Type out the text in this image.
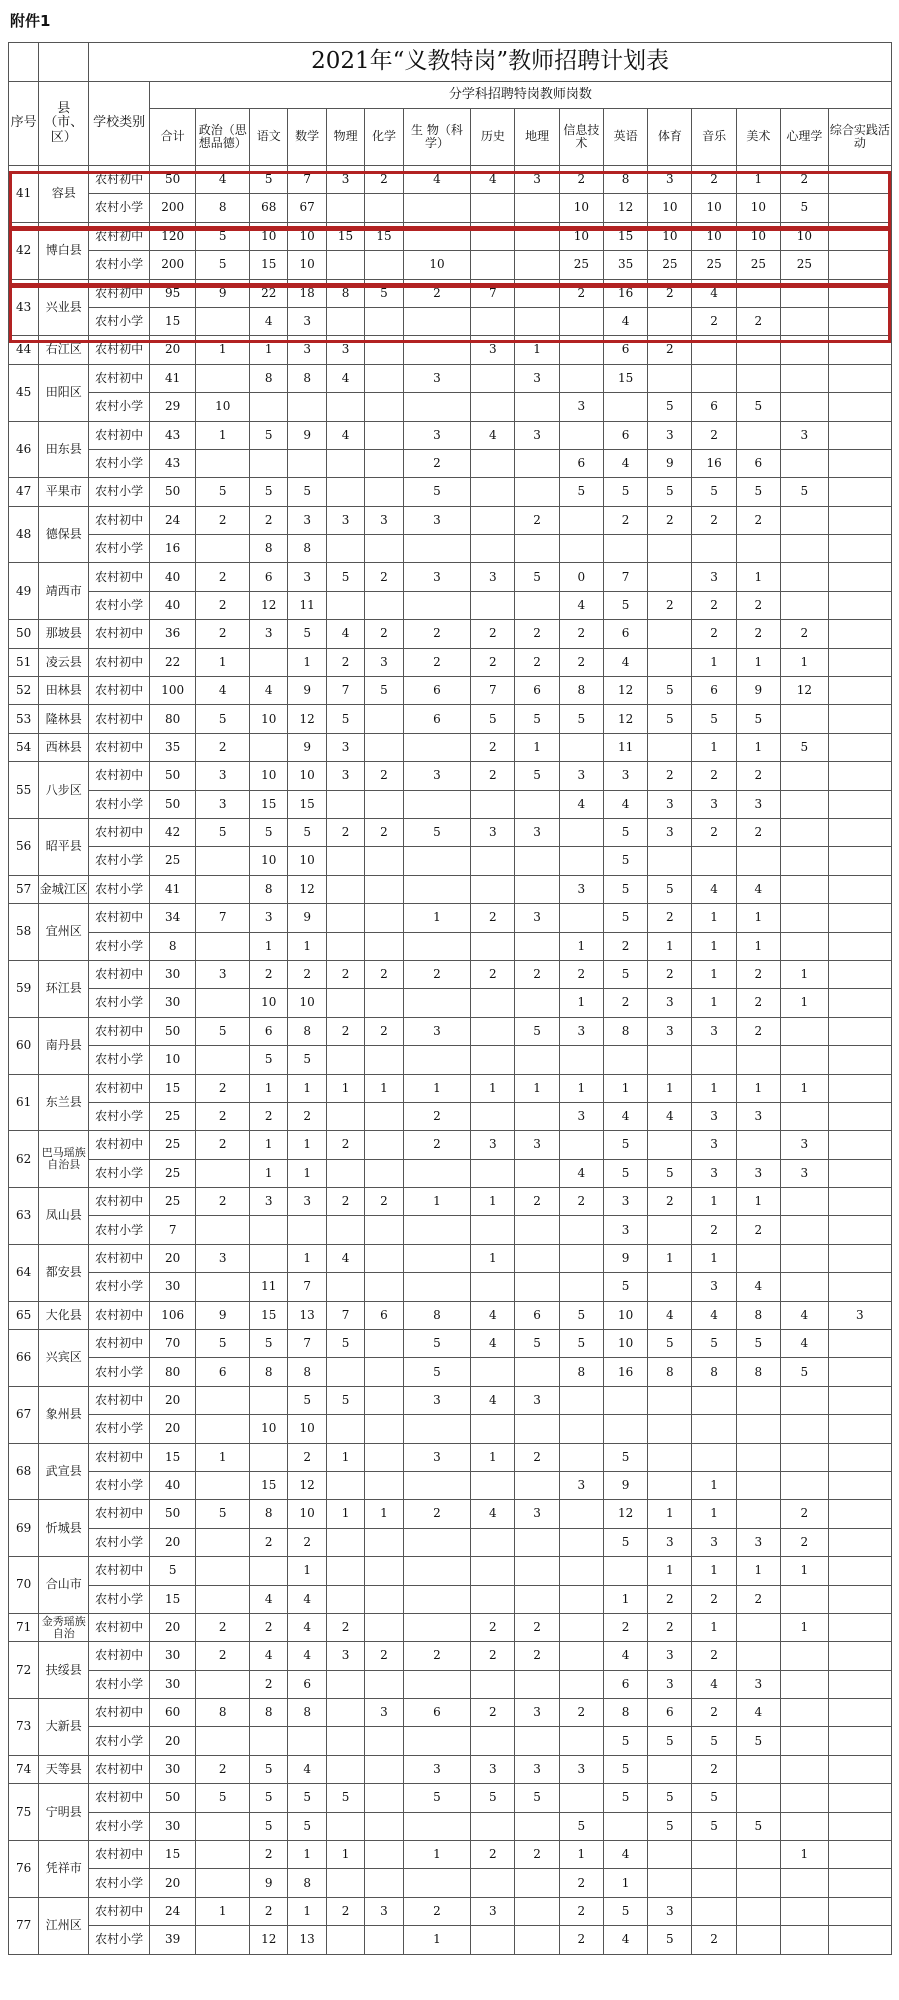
附件1
		2021年“义教特岗”教师招聘计划表																
序号	县（市、区）	学校类别	分学科招聘特岗教师岗数															
			合计	政治（思想品德）	语文	数学	物理	化学	生 物（科学）	历史	地理	信息技术	英语	体育	音乐	美术	心理学	综合实践活动
41	容县	农村初中	50	4	5	7	3	2	4	4	3	2	8	3	2	1	2	
		农村小学	200	8	68	67						10	12	10	10	10	5	
42	博白县	农村初中	120	5	10	10	15	15				10	15	10	10	10	10	
		农村小学	200	5	15	10			10			25	35	25	25	25	25	
43	兴业县	农村初中	95	9	22	18	8	5	2	7		2	16	2	4			
		农村小学	15		4	3							4		2	2		
44	右江区	农村初中	20	1	1	3	3			3	1		6	2				
45	田阳区	农村初中	41		8	8	4		3		3		15					
		农村小学	29	10								3		5	6	5		
46	田东县	农村初中	43	1	5	9	4		3	4	3		6	3	2		3	
		农村小学	43						2			6	4	9	16	6		
47	平果市	农村小学	50	5	5	5			5			5	5	5	5	5	5	
48	德保县	农村初中	24	2	2	3	3	3	3		2		2	2	2	2		
		农村小学	16		8	8												
49	靖西市	农村初中	40	2	6	3	5	2	3	3	5	0	7		3	1		
		农村小学	40	2	12	11						4	5	2	2	2		
50	那坡县	农村初中	36	2	3	5	4	2	2	2	2	2	6		2	2	2	
51	凌云县	农村初中	22	1		1	2	3	2	2	2	2	4		1	1	1	
52	田林县	农村初中	100	4	4	9	7	5	6	7	6	8	12	5	6	9	12	
53	隆林县	农村初中	80	5	10	12	5		6	5	5	5	12	5	5	5		
54	西林县	农村初中	35	2		9	3			2	1		11		1	1	5	
55	八步区	农村初中	50	3	10	10	3	2	3	2	5	3	3	2	2	2		
		农村小学	50	3	15	15						4	4	3	3	3		
56	昭平县	农村初中	42	5	5	5	2	2	5	3	3		5	3	2	2		
		农村小学	25		10	10							5					
57	金城江区	农村小学	41		8	12						3	5	5	4	4		
58	宜州区	农村初中	34	7	3	9			1	2	3		5	2	1	1		
		农村小学	8		1	1						1	2	1	1	1		
59	环江县	农村初中	30	3	2	2	2	2	2	2	2	2	5	2	1	2	1	
		农村小学	30		10	10						1	2	3	1	2	1	
60	南丹县	农村初中	50	5	6	8	2	2	3		5	3	8	3	3	2		
		农村小学	10		5	5												
61	东兰县	农村初中	15	2	1	1	1	1	1	1	1	1	1	1	1	1	1	
		农村小学	25	2	2	2			2			3	4	4	3	3		
62	巴马瑶族自治县	农村初中	25	2	1	1	2		2	3	3		5		3		3	
		农村小学	25		1	1						4	5	5	3	3	3	
63	凤山县	农村初中	25	2	3	3	2	2	1	1	2	2	3	2	1	1		
		农村小学	7										3		2	2		
64	都安县	农村初中	20	3		1	4			1			9	1	1			
		农村小学	30		11	7							5		3	4		
65	大化县	农村初中	106	9	15	13	7	6	8	4	6	5	10	4	4	8	4	3
66	兴宾区	农村初中	70	5	5	7	5		5	4	5	5	10	5	5	5	4	
		农村小学	80	6	8	8			5			8	16	8	8	8	5	
67	象州县	农村初中	20			5	5		3	4	3							
		农村小学	20		10	10												
68	武宣县	农村初中	15	1		2	1		3	1	2		5					
		农村小学	40		15	12						3	9		1			
69	忻城县	农村初中	50	5	8	10	1	1	2	4	3		12	1	1		2	
		农村小学	20		2	2							5	3	3	3	2	
70	合山市	农村初中	5			1								1	1	1	1	
		农村小学	15		4	4							1	2	2	2		
71	金秀瑶族自治	农村初中	20	2	2	4	2			2	2		2	2	1		1	
72	扶绥县	农村初中	30	2	4	4	3	2	2	2	2		4	3	2			
		农村小学	30		2	6							6	3	4	3		
73	大新县	农村初中	60	8	8	8		3	6	2	3	2	8	6	2	4		
		农村小学	20										5	5	5	5		
74	天等县	农村初中	30	2	5	4			3	3	3	3	5		2			
75	宁明县	农村初中	50	5	5	5	5		5	5	5		5	5	5			
		农村小学	30		5	5						5		5	5	5		
76	凭祥市	农村初中	15		2	1	1		1	2	2	1	4				1	
		农村小学	20		9	8						2	1					
77	江州区	农村初中	24	1	2	1	2	3	2	3		2	5	3				
		农村小学	39		12	13			1			2	4	5	2			
